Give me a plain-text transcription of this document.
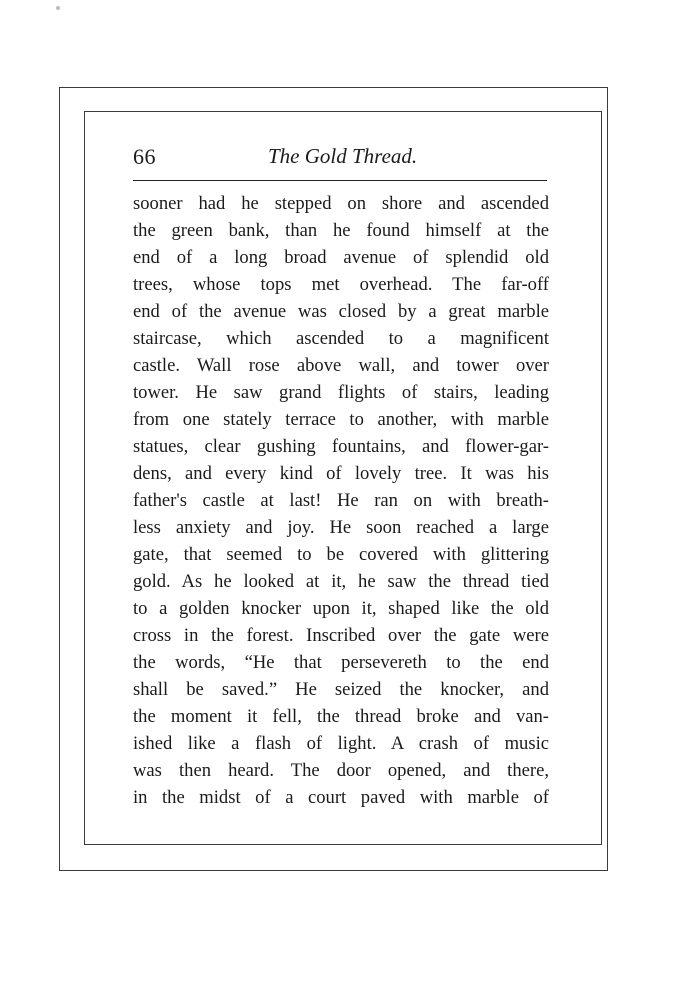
66	The Gold Thread.
sooner had he stepped on shore and ascended
the green bank, than he found himself at the
end of a long broad avenue of splendid old
trees, whose tops met overhead. The far-off
end of the avenue was closed by a great marble
staircase, which ascended to a magnificent
castle. Wall rose above wall, and tower over
tower. He saw grand flights of stairs, leading
from one stately terrace to another, with marble
statues, clear gushing fountains, and flower-gar-
dens, and every kind of lovely tree. It was his
father's castle at last! He ran on with breath-
less anxiety and joy. He soon reached a large
gate, that seemed to be covered with glittering
gold. As he looked at it, he saw the thread tied
to a golden knocker upon it, shaped like the old
cross in the forest. Inscribed over the gate were
the words, “He that persevereth to the end
shall be saved.” He seized the knocker, and
the moment it fell, the thread broke and van-
ished like a flash of light. A crash of music
was then heard. The door opened, and there,
in the midst of a court paved with marble of
